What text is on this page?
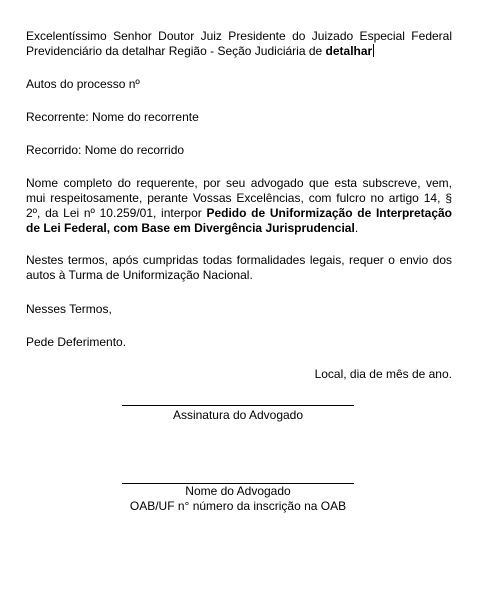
Excelentíssimo Senhor Doutor Juiz Presidente do Juizado Especial Federal Previdenciário da detalhar Região - Seção Judiciária de detalhar

Autos do processo nº

Recorrente: Nome do recorrente

Recorrido: Nome do recorrido

Nome completo do requerente, por seu advogado que esta subscreve, vem, mui respeitosamente, perante Vossas Excelências, com fulcro no artigo 14, § 2º, da Lei nº 10.259/01, interpor Pedido de Uniformização de Interpretação de Lei Federal, com Base em Divergência Jurisprudencial.

Nestes termos, após cumpridas todas formalidades legais, requer o envio dos autos à Turma de Uniformização Nacional.

Nesses Termos,

Pede Deferimento.

Local, dia de mês de ano.

Assinatura do Advogado
Nome do Advogado
OAB/UF n° número da inscrição na OAB
